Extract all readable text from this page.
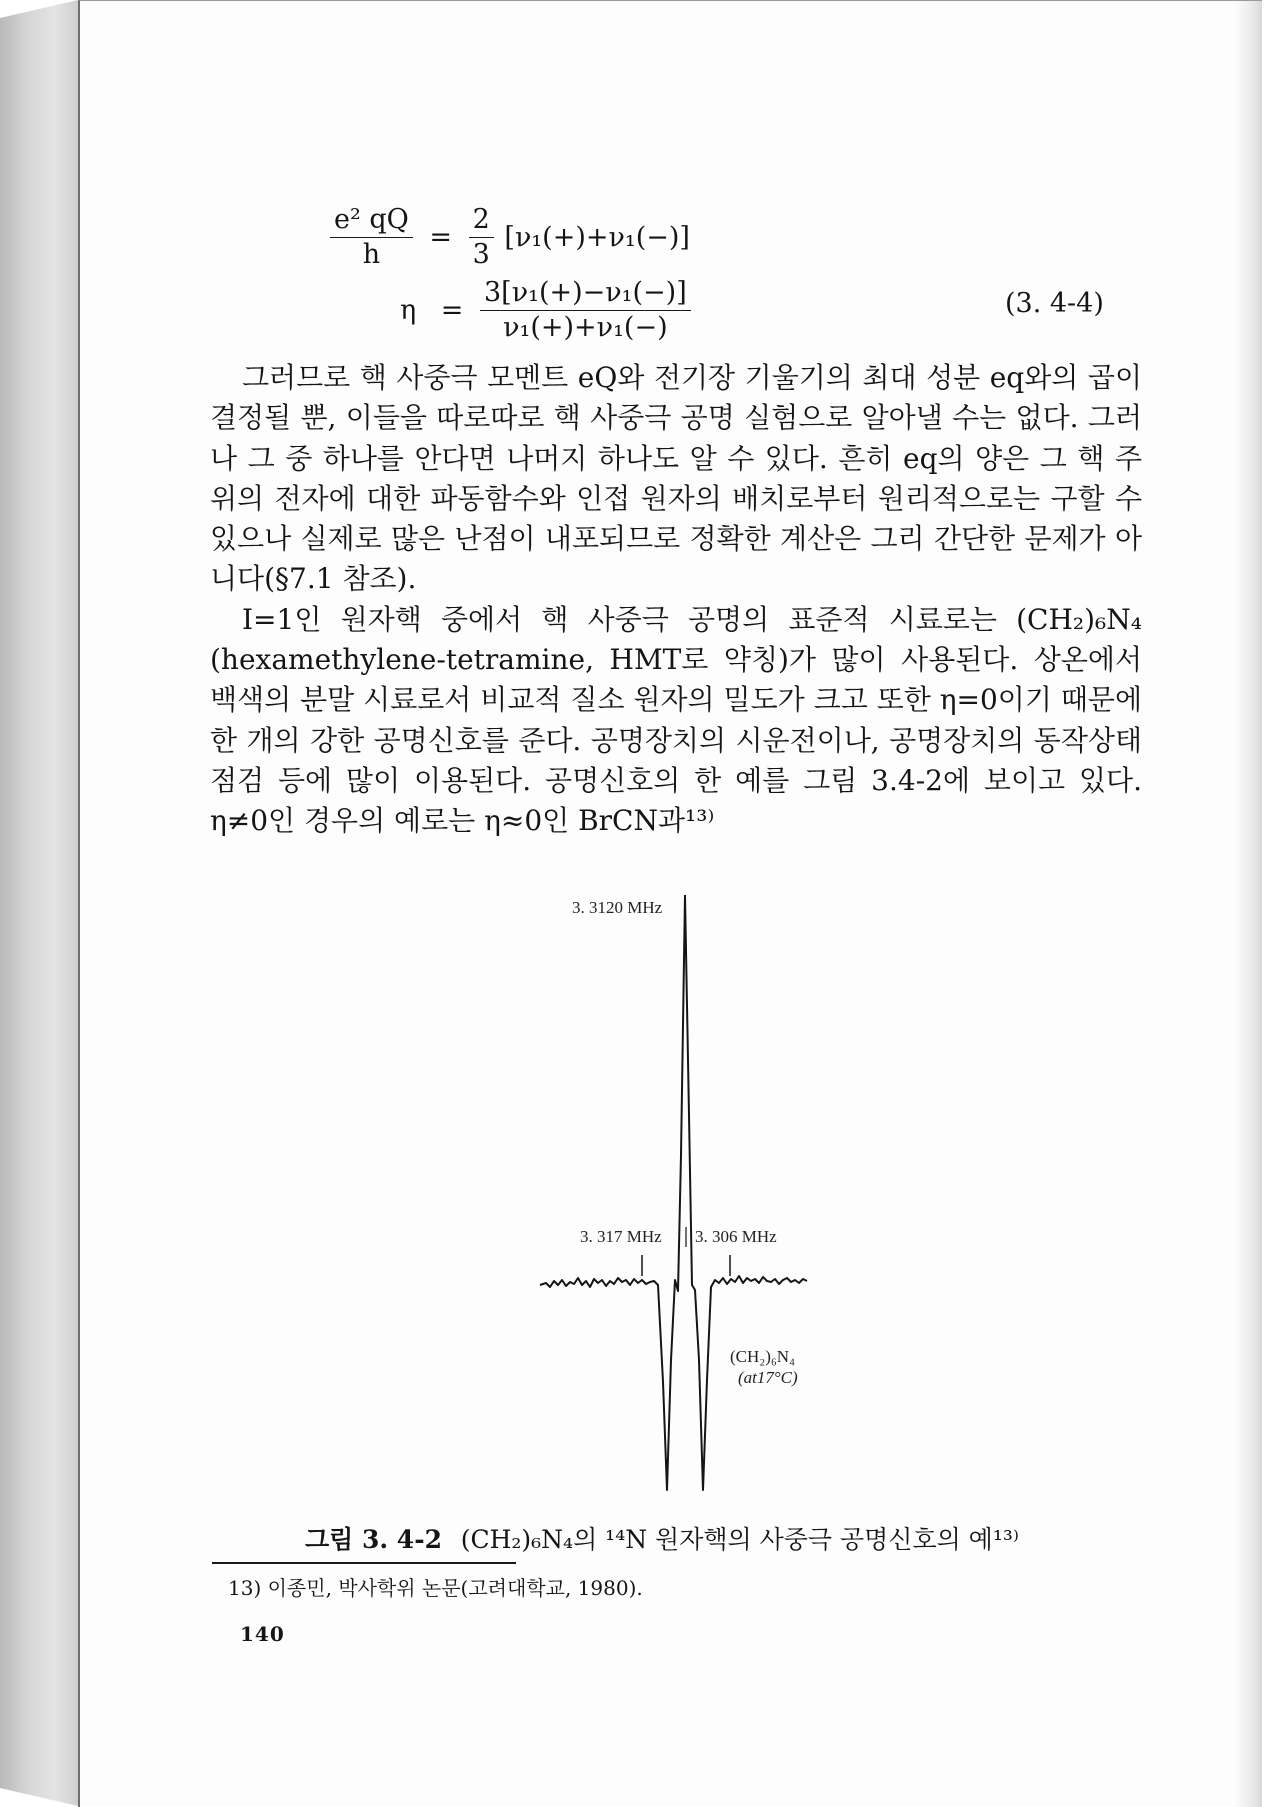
$\frac{\text{e² qQ}}{h} = \frac{2}{3} [\nu_1(+)+\nu_1(-)]$
$\eta = \frac{\text{3[ν₁(+)−ν₁(−)]}}{\text{ν₁(+)+ν₁(−)}}$	(3. 4-4)

그러므로 핵 사중극 모멘트 eQ와 전기장 기울기의 최대 성분 eq와의 곱이 결정될 뿐, 이들을 따로따로 핵 사중극 공명 실험으로 알아낼 수는 없다. 그러나 그 중 하나를 안다면 나머지 하나도 알 수 있다. 흔히 eq의 양은 그 핵 주위의 전자에 대한 파동함수와 인접 원자의 배치로부터 원리적으로는 구할 수 있으나 실제로 많은 난점이 내포되므로 정확한 계산은 그리 간단한 문제가 아니다(§7.1 참조).

I=1인 원자핵 중에서 핵 사중극 공명의 표준적 시료로는 (CH₂)₆N₄ (hexamethylene-tetramine, HMT로 약칭)가 많이 사용된다. 상온에서 백색의 분말 시료로서 비교적 질소 원자의 밀도가 크고 또한 η=0이기 때문에 한 개의 강한 공명신호를 준다. 공명장치의 시운전이나, 공명장치의 동작상태 점검 등에 많이 이용된다. 공명신호의 한 예를 그림 3.4-2에 보이고 있다. η≠0인 경우의 예로는 η≈0인 BrCN과¹³⁾

3. 3120 MHz
3. 317 MHz 3. 306 MHz
(CH₂)₆N₄
(at17°C)
그림 3. 4-2 (CH₂)₆N₄의 ¹⁴N 원자핵의 사중극 공명신호의 예¹³⁾
13) 이종민, 박사학위 논문(고려대학교, 1980).
140
